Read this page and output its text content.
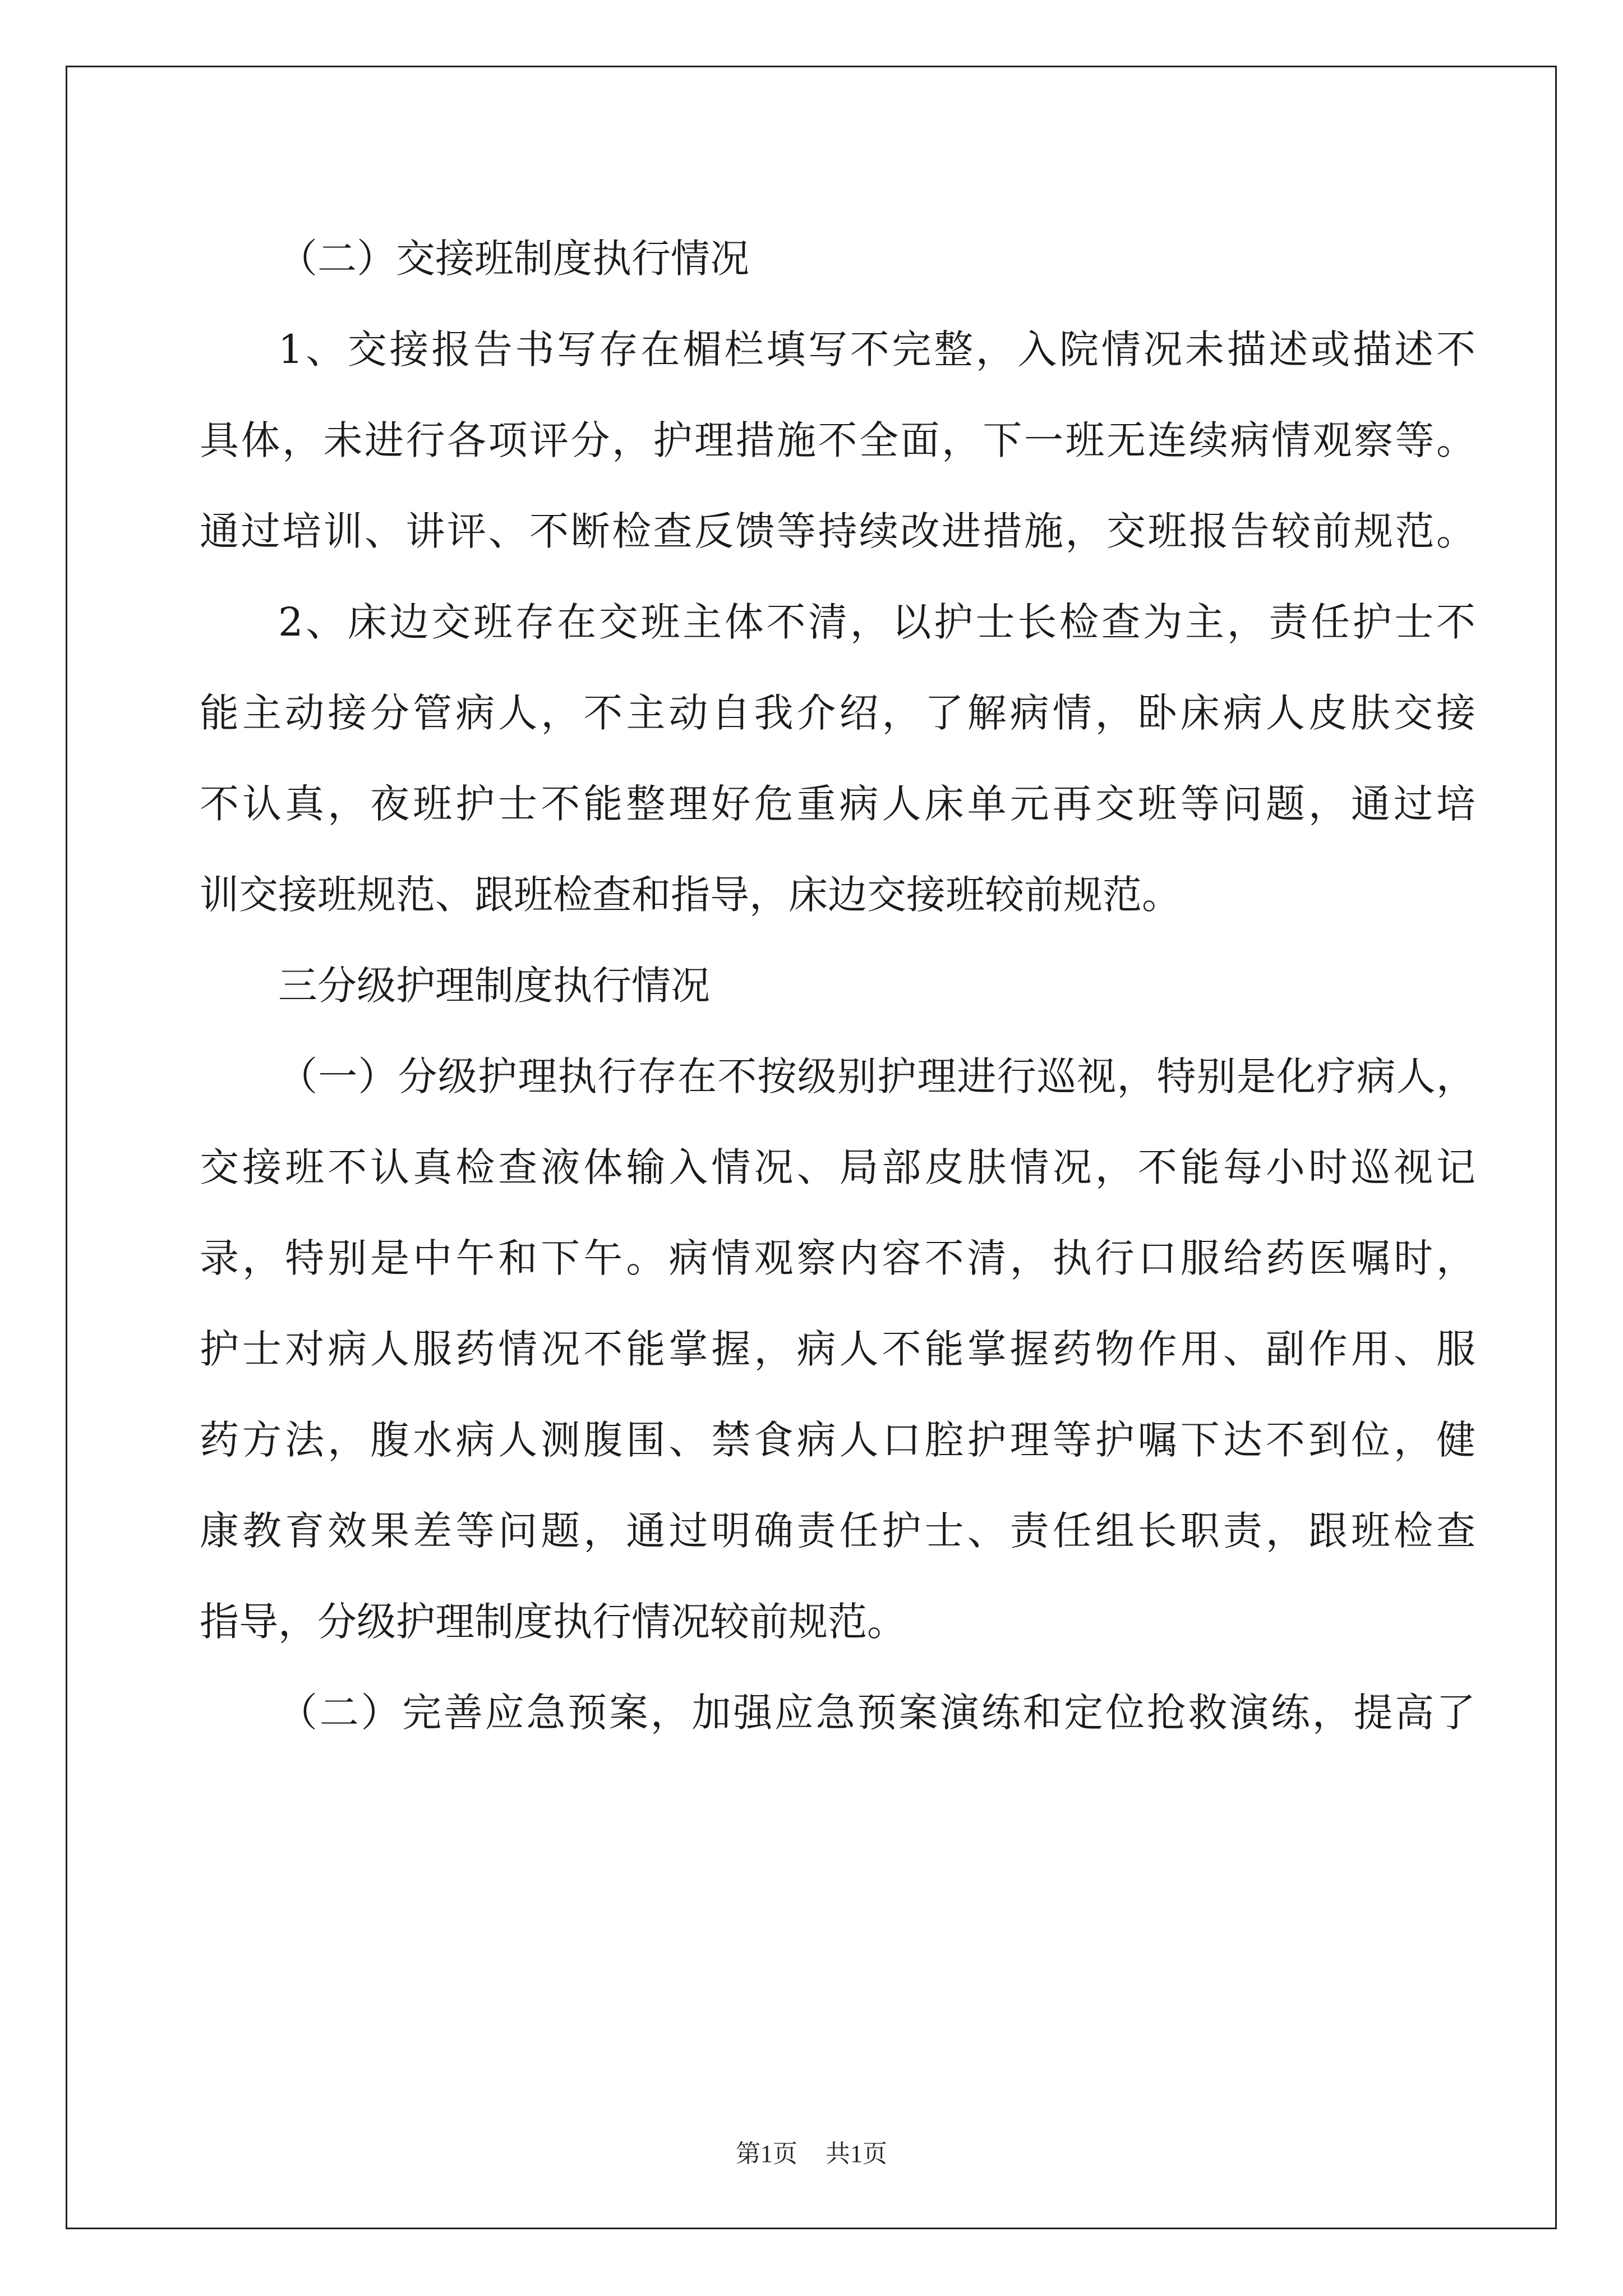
（二）交接班制度执行情况
1、交接报告书写存在楣栏填写不完整，入院情况未描述或描述不
具体，未进行各项评分，护理措施不全面，下一班无连续病情观察等。
通过培训、讲评、不断检查反馈等持续改进措施，交班报告较前规范。
2、床边交班存在交班主体不清，以护士长检查为主，责任护士不
能主动接分管病人，不主动自我介绍，了解病情，卧床病人皮肤交接
不认真，夜班护士不能整理好危重病人床单元再交班等问题，通过培
训交接班规范、跟班检查和指导，床边交接班较前规范。
三分级护理制度执行情况
（一）分级护理执行存在不按级别护理进行巡视，特别是化疗病人，
交接班不认真检查液体输入情况、局部皮肤情况，不能每小时巡视记
录，特别是中午和下午。病情观察内容不清，执行口服给药医嘱时，
护士对病人服药情况不能掌握，病人不能掌握药物作用、副作用、服
药方法，腹水病人测腹围、禁食病人口腔护理等护嘱下达不到位，健
康教育效果差等问题，通过明确责任护士、责任组长职责，跟班检查
指导，分级护理制度执行情况较前规范。
（二）完善应急预案，加强应急预案演练和定位抢救演练，提高了
第1页 共1页
